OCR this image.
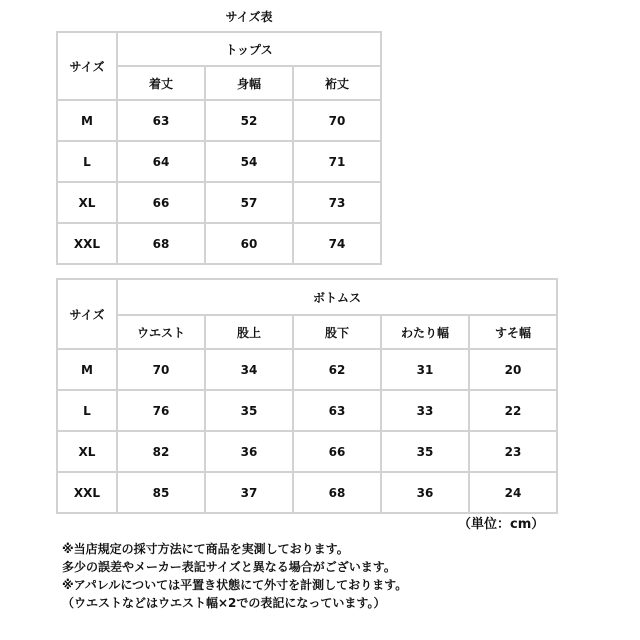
サイズ表
サイズ	トップス		
	着丈	身幅	裄丈
M	63	52	70
L	64	54	71
XL	66	57	73
XXL	68	60	74
サイズ	ボトムス				
	ウエスト	股上	股下	わたり幅	すそ幅
M	70	34	62	31	20
L	76	35	63	33	22
XL	82	36	66	35	23
XXL	85	37	68	36	24
（単位：cm）
※当店規定の採寸方法にて商品を実測しております。
多少の誤差やメーカー表記サイズと異なる場合がございます。
※アパレルについては平置き状態にて外寸を計測しております。
（ウエストなどはウエスト幅×2での表記になっています。）
